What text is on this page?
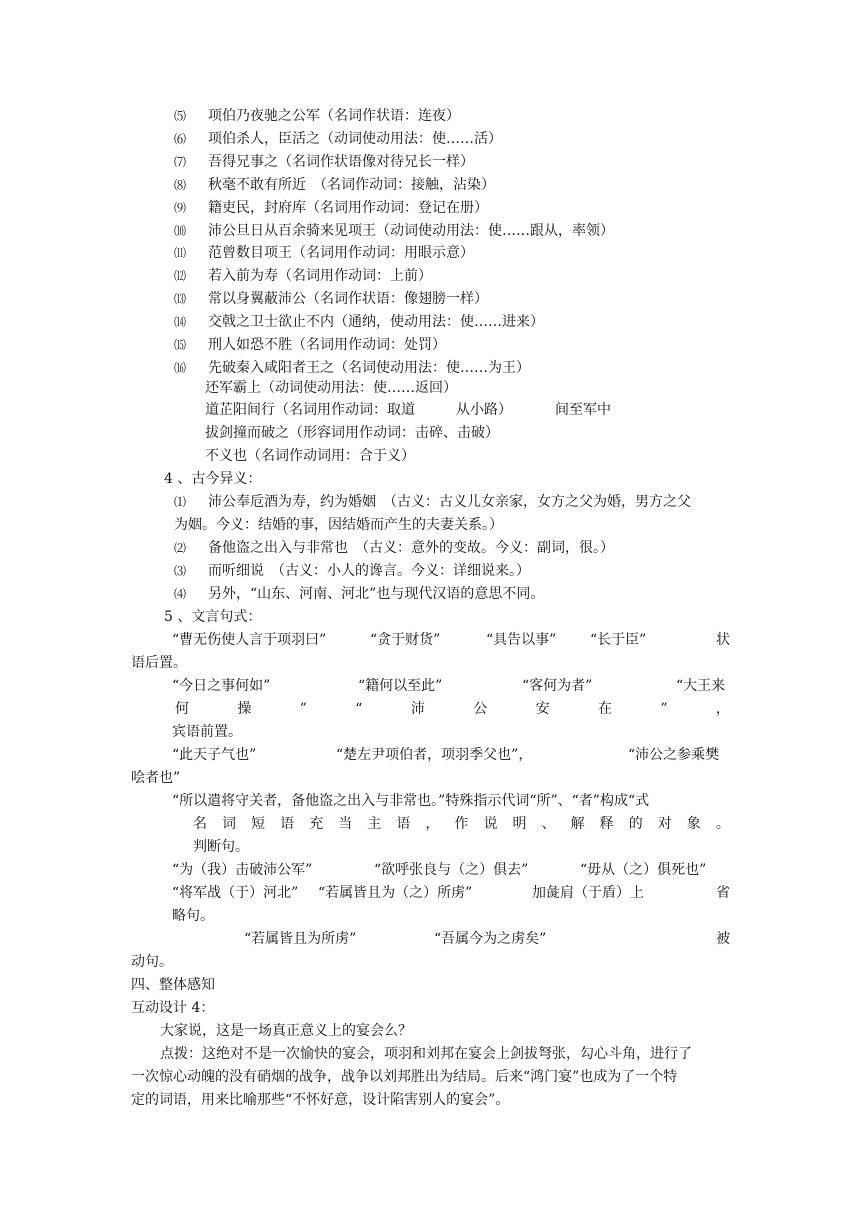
⑸ 项伯乃夜驰之公军（名词作状语：连夜）
⑹ 项伯杀人，臣活之（动词使动用法：使……活）
⑺ 吾得兄事之（名词作状语像对待兄长一样）
⑻ 秋毫不敢有所近　（名词作动词：接触，沾染）
⑼ 籍吏民，封府库（名词用作动词：登记在册）
⑽ 沛公旦日从百余骑来见项王（动词使动用法：使……跟从，率领）
⑾ 范曾数目项王（名词用作动词：用眼示意）
⑿ 若入前为寿（名词用作动词：上前）
⒀ 常以身翼蔽沛公（名词作状语：像翅膀一样）
⒁ 交戟之卫士欲止不内（通纳，使动用法：使……进来）
⒂ 刑人如恐不胜（名词用作动词：处罚）
⒃ 先破秦入咸阳者王之（名词使动用法：使……为王）
还军霸上（动词使动用法：使……返回）
道芷阳间行（名词用作动词：取道	从小路）	间至军中
拔剑撞而破之（形容词用作动词：击碎、击破）
不义也（名词作动词用：合于义）
4 、古今异义：
⑴ 沛公奉卮酒为寿，约为婚姻　（古义：古义儿女亲家，女方之父为婚，男方之父
为姻。今义：结婚的事，因结婚而产生的夫妻关系。）
⑵ 备他盗之出入与非常也　（古义：意外的变故。今义：副词，很。）
⑶ 而听细说　（古义：小人的谗言。今义：详细说来。）
⑷ 另外，“山东、河南、河北”也与现代汉语的意思不同。
5 、文言句式：
“曹无伤使人言于项羽曰”	“贪于财货”	“具告以事” “长于臣”	状
语后置。
“今日之事何如”	“籍何以至此”	“客何为者”	“大王来
何	操	”	“	沛	公	安	在	”	，
宾语前置。
“此天子气也”	“楚左尹项伯者，项羽季父也”，	“沛公之参乘樊
哙者也”
“所以遣将守关者，备他盗之出入与非常也。”特殊指示代词“所”、“者”构成“式
名 词 短 语 充 当 主 语 ， 作 说 明 、 解 释 的 对 象 。
判断句。
“为（我）击破沛公军”	“欲呼张良与（之）俱去”	“毋从（之）俱死也”
“将军战（于）河北” “若属皆且为（之）所虏”	加彘肩（于盾）上	省
略句。
“若属皆且为所虏”	“吾属今为之虏矣”	被
动句。
四、整体感知
互动设计 4：
大家说，这是一场真正意义上的宴会么？
点拨：这绝对不是一次愉快的宴会，项羽和刘邦在宴会上剑拔弩张，勾心斗角，进行了
一次惊心动魄的没有硝烟的战争，战争以刘邦胜出为结局。后来“鸿门宴”也成为了一个特
定的词语，用来比喻那些“不怀好意，设计陷害别人的宴会”。
